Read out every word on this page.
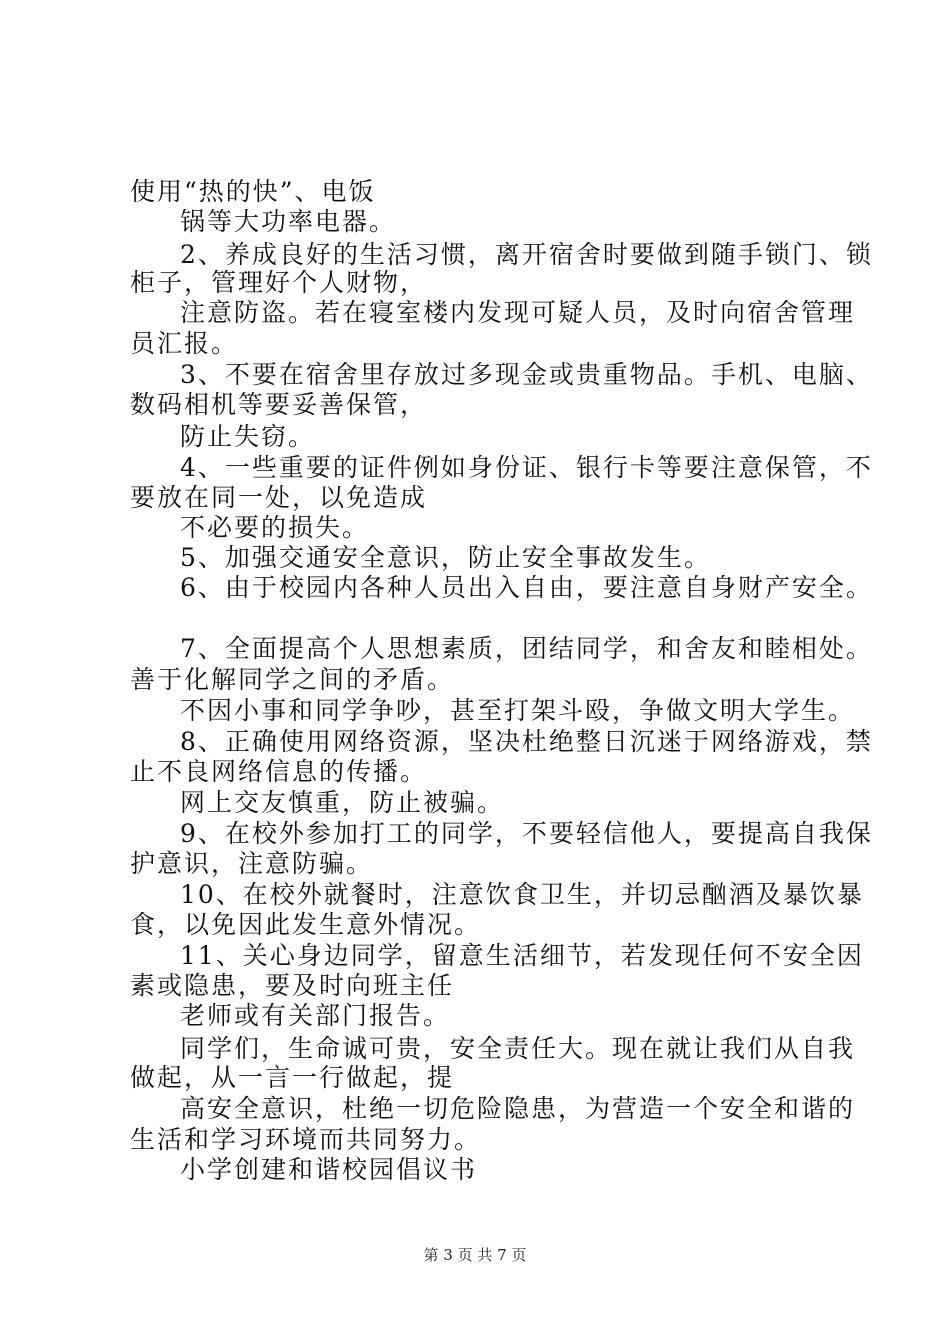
使用“热的快”、电饭
锅等大功率电器。
2、养成良好的生活习惯，离开宿舍时要做到随手锁门、锁
柜子，管理好个人财物，
注意防盗。若在寝室楼内发现可疑人员，及时向宿舍管理
员汇报。
3、不要在宿舍里存放过多现金或贵重物品。手机、电脑、
数码相机等要妥善保管，
防止失窃。
4、一些重要的证件例如身份证、银行卡等要注意保管，不
要放在同一处，以免造成
不必要的损失。
5、加强交通安全意识，防止安全事故发生。
6、由于校园内各种人员出入自由，要注意自身财产安全。
7、全面提高个人思想素质，团结同学，和舍友和睦相处。
善于化解同学之间的矛盾。
不因小事和同学争吵，甚至打架斗殴，争做文明大学生。
8、正确使用网络资源，坚决杜绝整日沉迷于网络游戏，禁
止不良网络信息的传播。
网上交友慎重，防止被骗。
9、在校外参加打工的同学，不要轻信他人，要提高自我保
护意识，注意防骗。
10、在校外就餐时，注意饮食卫生，并切忌酗酒及暴饮暴
食，以免因此发生意外情况。
11、关心身边同学，留意生活细节，若发现任何不安全因
素或隐患，要及时向班主任
老师或有关部门报告。
同学们，生命诚可贵，安全责任大。现在就让我们从自我
做起，从一言一行做起，提
高安全意识，杜绝一切危险隐患，为营造一个安全和谐的
生活和学习环境而共同努力。
小学创建和谐校园倡议书
第 3 页 共 7 页
